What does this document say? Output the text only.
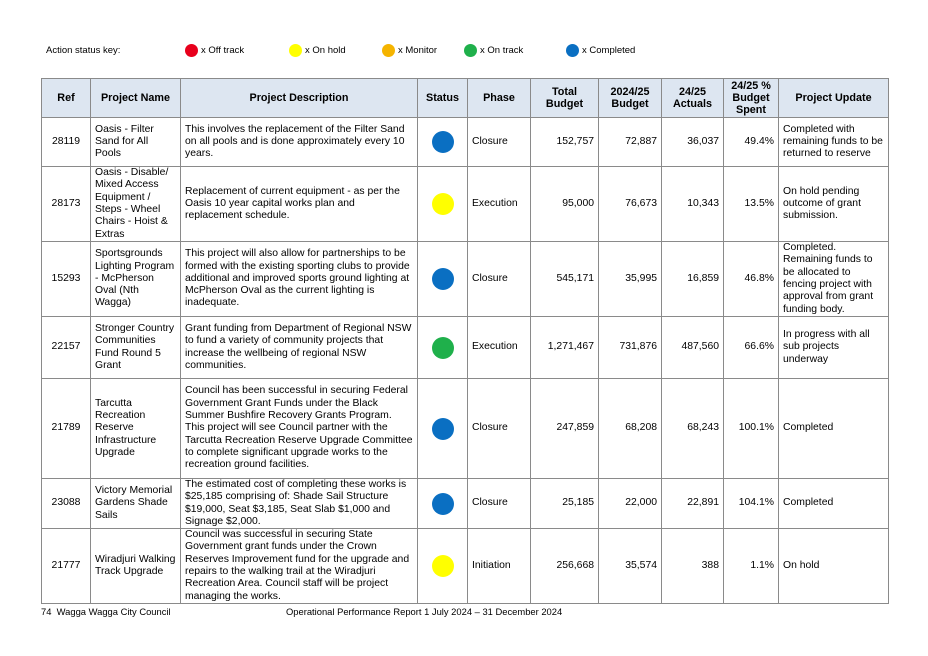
Action status key:	x Off track	x On hold	x Monitor	x On track	x Completed
Ref	Project Name	Project Description	Status	Phase	Total Budget	2024/25 Budget	24/25 Actuals	24/25 % Budget Spent	Project Update
28119	Oasis - Filter Sand for All Pools	This involves the replacement of the Filter Sand on all pools and is done approximately every 10 years.		Closure	152,757	72,887	36,037	49.4%	Completed with remaining funds to be returned to reserve
28173	Oasis - Disable/ Mixed Access Equipment / Steps - Wheel Chairs - Hoist & Extras	Replacement of current equipment - as per the Oasis 10 year capital works plan and replacement schedule.		Execution	95,000	76,673	10,343	13.5%	On hold pending outcome of grant submission.
15293	Sportsgrounds Lighting Program - McPherson Oval (Nth Wagga)	This project will also allow for partnerships to be formed with the existing sporting clubs to provide additional and improved sports ground lighting at McPherson Oval as the current lighting is inadequate.		Closure	545,171	35,995	16,859	46.8%	Completed. Remaining funds to be allocated to fencing project with approval from grant funding body.
22157	Stronger Country Communities Fund Round 5 Grant	Grant funding from Department of Regional NSW to fund a variety of community projects that increase the wellbeing of regional NSW communities.		Execution	1,271,467	731,876	487,560	66.6%	In progress with all sub projects underway
21789	Tarcutta Recreation Reserve Infrastructure Upgrade	Council has been successful in securing Federal Government Grant Funds under the Black Summer Bushfire Recovery Grants Program. This project will see Council partner with the Tarcutta Recreation Reserve Upgrade Committee to complete significant upgrade works to the recreation ground facilities.		Closure	247,859	68,208	68,243	100.1%	Completed
23088	Victory Memorial Gardens Shade Sails	The estimated cost of completing these works is $25,185 comprising of: Shade Sail Structure $19,000, Seat $3,185, Seat Slab $1,000 and Signage $2,000.		Closure	25,185	22,000	22,891	104.1%	Completed
21777	Wiradjuri Walking Track Upgrade	Council was successful in securing State Government grant funds under the Crown Reserves Improvement fund for the upgrade and repairs to the walking trail at the Wiradjuri Recreation Area. Council staff will be project managing the works.		Initiation	256,668	35,574	388	1.1%	On hold
74 Wagga Wagga City Council	Operational Performance Report 1 July 2024 – 31 December 2024
